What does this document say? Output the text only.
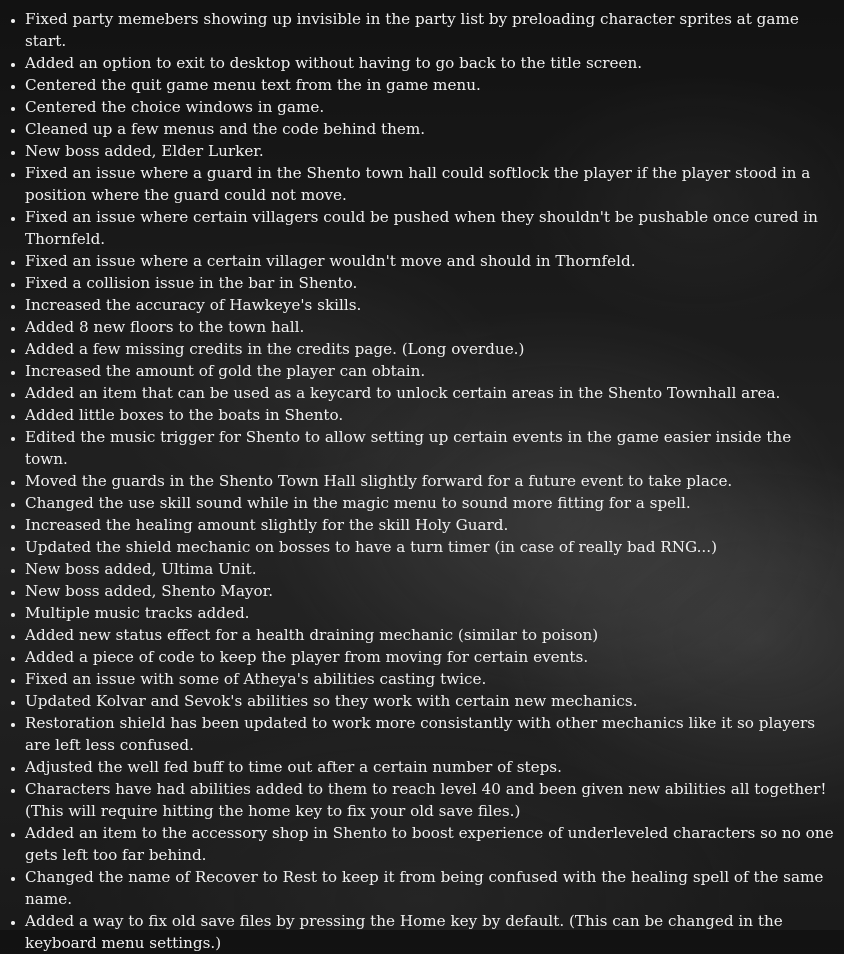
• Fixed party memebers showing up invisible in the party list by preloading character sprites at game start.
• Added an option to exit to desktop without having to go back to the title screen.
• Centered the quit game menu text from the in game menu.
• Centered the choice windows in game.
• Cleaned up a few menus and the code behind them.
• New boss added, Elder Lurker.
• Fixed an issue where a guard in the Shento town hall could softlock the player if the player stood in a position where the guard could not move.
• Fixed an issue where certain villagers could be pushed when they shouldn't be pushable once cured in Thornfeld.
• Fixed an issue where a certain villager wouldn't move and should in Thornfeld.
• Fixed a collision issue in the bar in Shento.
• Increased the accuracy of Hawkeye's skills.
• Added 8 new floors to the town hall.
• Added a few missing credits in the credits page. (Long overdue.)
• Increased the amount of gold the player can obtain.
• Added an item that can be used as a keycard to unlock certain areas in the Shento Townhall area.
• Added little boxes to the boats in Shento.
• Edited the music trigger for Shento to allow setting up certain events in the game easier inside the town.
• Moved the guards in the Shento Town Hall slightly forward for a future event to take place.
• Changed the use skill sound while in the magic menu to sound more fitting for a spell.
• Increased the healing amount slightly for the skill Holy Guard.
• Updated the shield mechanic on bosses to have a turn timer (in case of really bad RNG...)
• New boss added, Ultima Unit.
• New boss added, Shento Mayor.
• Multiple music tracks added.
• Added new status effect for a health draining mechanic (similar to poison)
• Added a piece of code to keep the player from moving for certain events.
• Fixed an issue with some of Atheya's abilities casting twice.
• Updated Kolvar and Sevok's abilities so they work with certain new mechanics.
• Restoration shield has been updated to work more consistantly with other mechanics like it so players are left less confused.
• Adjusted the well fed buff to time out after a certain number of steps.
• Characters have had abilities added to them to reach level 40 and been given new abilities all together! (This will require hitting the home key to fix your old save files.)
• Added an item to the accessory shop in Shento to boost experience of underleveled characters so no one gets left too far behind.
• Changed the name of Recover to Rest to keep it from being confused with the healing spell of the same name.
• Added a way to fix old save files by pressing the Home key by default. (This can be changed in the keyboard menu settings.)
